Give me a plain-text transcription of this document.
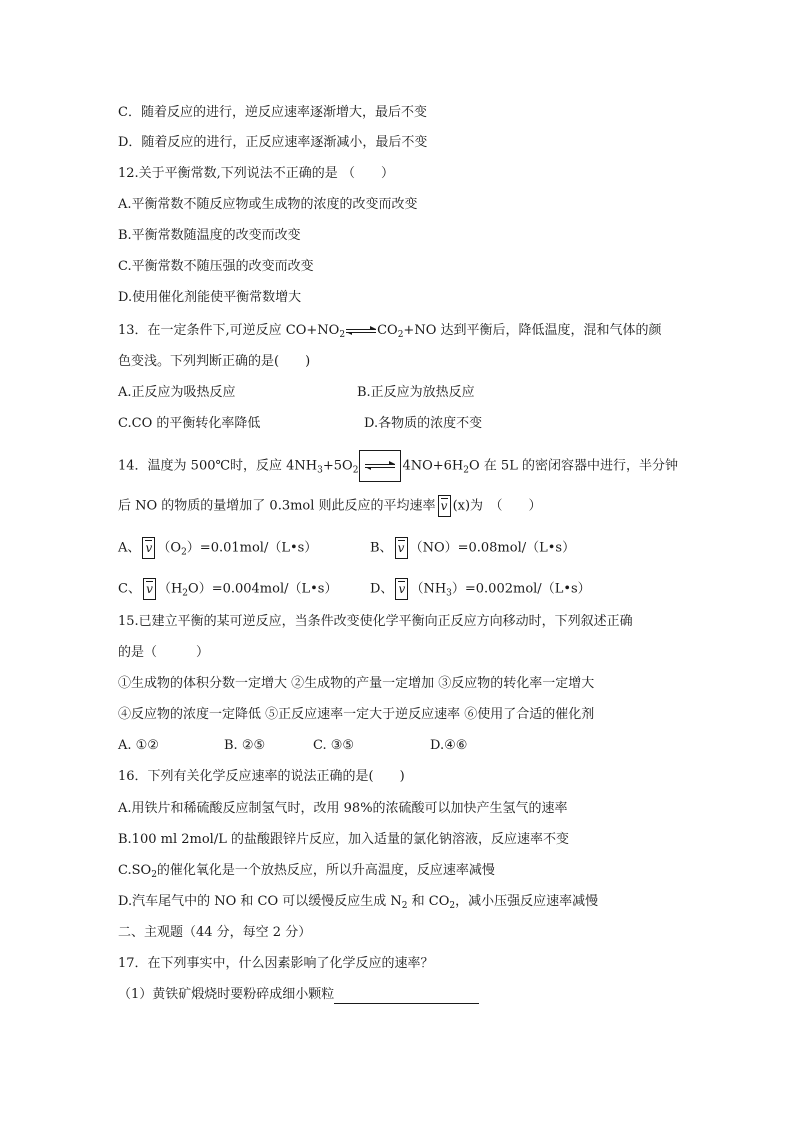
C．随着反应的进行，逆反应速率逐渐增大，最后不变
D．随着反应的进行，正反应速率逐渐减小，最后不变
12.关于平衡常数,下列说法不正确的是 （　　）
A.平衡常数不随反应物或生成物的浓度的改变而改变
B.平衡常数随温度的改变而改变
C.平衡常数不随压强的改变而改变
D.使用催化剂能使平衡常数增大
13．在一定条件下,可逆反应 $CO+NO_2\rightleftharpoons CO_2+NO$ 达到平衡后，降低温度，混和气体的颜
色变浅。下列判断正确的是(　　)
A.正反应为吸热反应	B.正反应为放热反应
C.CO 的平衡转化率降低	D.各物质的浓度不变
14．温度为 500℃时，反应 $4NH_3+5O_2$	$4NO+6H_2O$ 在 5L 的密闭容器中进行，半分钟
后 NO 的物质的量增加了 0.3mol 则此反应的平均速率 v (x)为　（　　）
A、 v $(O_2)=0.01mol/(L•s)$	B、 v （NO）=0.08mol/（L•s）
C、 v $(H_2O)=0.004mol/(L•s)$	D、 v $(NH_3)=0.002mol/(L•s)$
15.已建立平衡的某可逆反应，当条件改变使化学平衡向正反应方向移动时，下列叙述正确
的是（　　　）
①生成物的体积分数一定增大 ②生成物的产量一定增加 ③反应物的转化率一定增大
④反应物的浓度一定降低 ⑤正反应速率一定大于逆反应速率 ⑥使用了合适的催化剂
A. ①②	B. ②⑤	C. ③⑤	D.④⑥
16．下列有关化学反应速率的说法正确的是(　　)
A.用铁片和稀硫酸反应制氢气时，改用 98%的浓硫酸可以加快产生氢气的速率
B.100 ml 2mol/L 的盐酸跟锌片反应，加入适量的氯化钠溶液，反应速率不变
$C.SO_2$的催化氧化是一个放热反应，所以升高温度，反应速率减慢
D.汽车尾气中的 NO 和 CO 可以缓慢反应生成 $N_2$ 和 $CO_2$，减小压强反应速率减慢
二、主观题（44 分，每空 2 分）
17．在下列事实中，什么因素影响了化学反应的速率？
（1）黄铁矿煅烧时要粉碎成细小颗粒
